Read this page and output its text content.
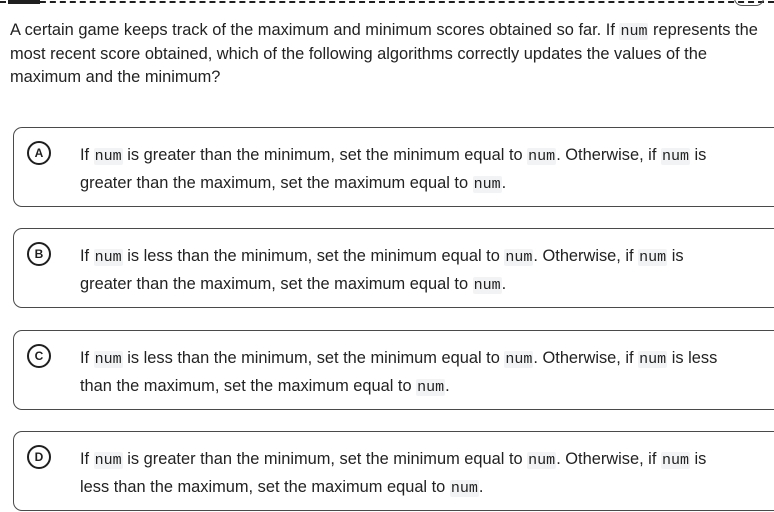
A certain game keeps track of the maximum and minimum scores obtained so far. If num represents the most recent score obtained, which of the following algorithms correctly updates the values of the maximum and the minimum?

A	If num is greater than the minimum, set the minimum equal to num. Otherwise, if num is greater than the maximum, set the maximum equal to num.

B	If num is less than the minimum, set the minimum equal to num. Otherwise, if num is greater than the maximum, set the maximum equal to num.

C	If num is less than the minimum, set the minimum equal to num. Otherwise, if num is less than the maximum, set the maximum equal to num.

D	If num is greater than the minimum, set the minimum equal to num. Otherwise, if num is less than the maximum, set the maximum equal to num.
